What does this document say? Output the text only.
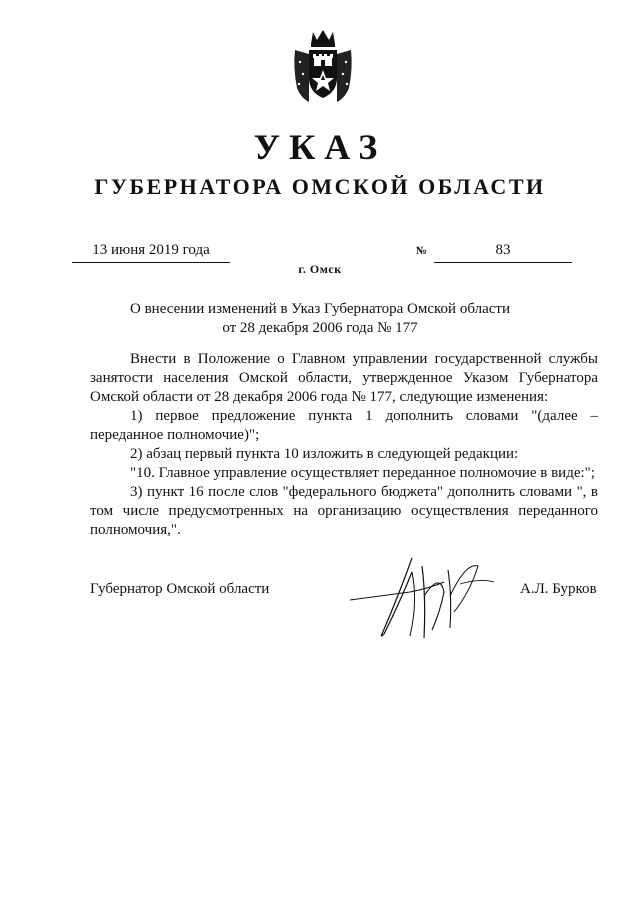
УКАЗ
ГУБЕРНАТОРА ОМСКОЙ ОБЛАСТИ
13 июня 2019 года	№	83
г. Омск
О внесении изменений в Указ Губернатора Омской области
от 28 декабря 2006 года № 177

Внести в Положение о Главном управлении государственной службы занятости населения Омской области, утвержденное Указом Губернатора Омской области от 28 декабря 2006 года № 177, следующие изменения:

1) первое предложение пункта 1 дополнить словами "(далее – переданное полномочие)";

2) абзац первый пункта 10 изложить в следующей редакции:

"10. Главное управление осуществляет переданное полномочие в виде:";

3) пункт 16 после слов "федерального бюджета" дополнить словами ", в том числе предусмотренных на организацию осуществления переданного полномочия,".

Губернатор Омской области	А.Л. Бурков
